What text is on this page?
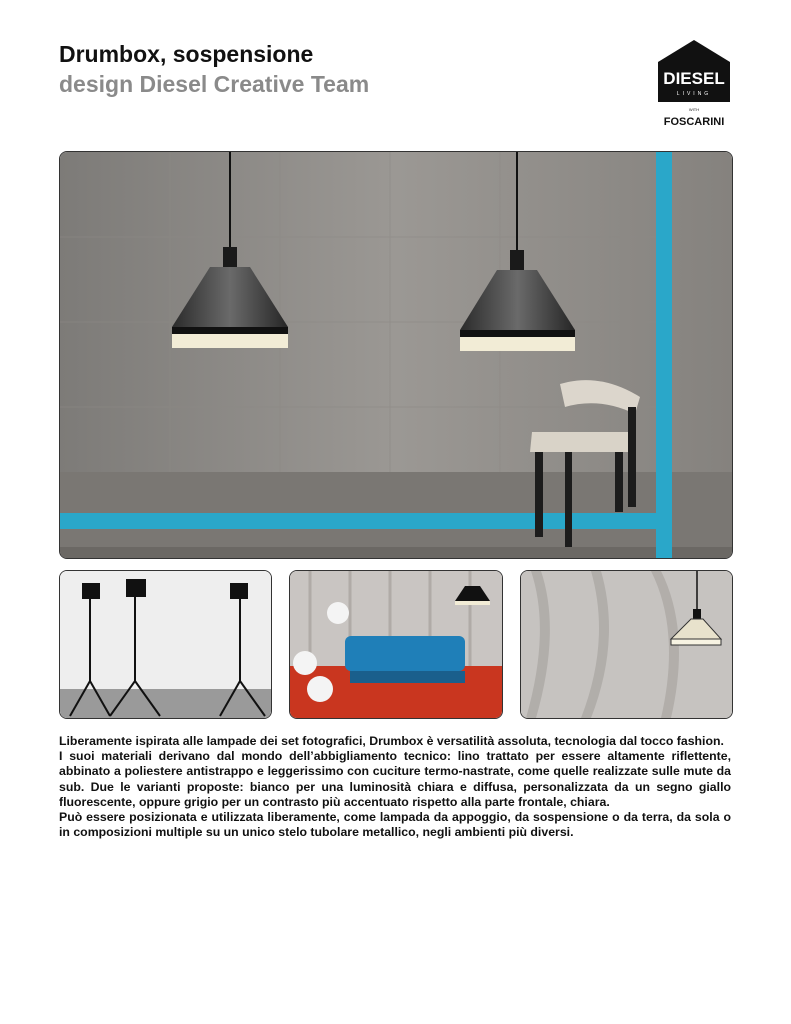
Drumbox, sospensione
design Diesel Creative Team	DIESEL
LIVING
WITH
FOSCARINI

Liberamente ispirata alle lampade dei set fotografici, Drumbox è versatilità assoluta, tecnologia dal tocco fashion.

I suoi materiali derivano dal mondo dell’abbigliamento tecnico: lino trattato per essere altamente riflettente, abbinato a poliestere antistrappo e leggerissimo con cuciture termo-nastrate, come quelle realizzate sulle mute da sub. Due le varianti proposte: bianco per una luminosità chiara e diffusa, personalizzata da un segno giallo fluorescente, oppure grigio per un contrasto più accentuato rispetto alla parte frontale, chiara.

Può essere posizionata e utilizzata liberamente, come lampada da appoggio, da sospensione o da terra, da sola o in composizioni multiple su un unico stelo tubolare metallico, negli ambienti più diversi.
